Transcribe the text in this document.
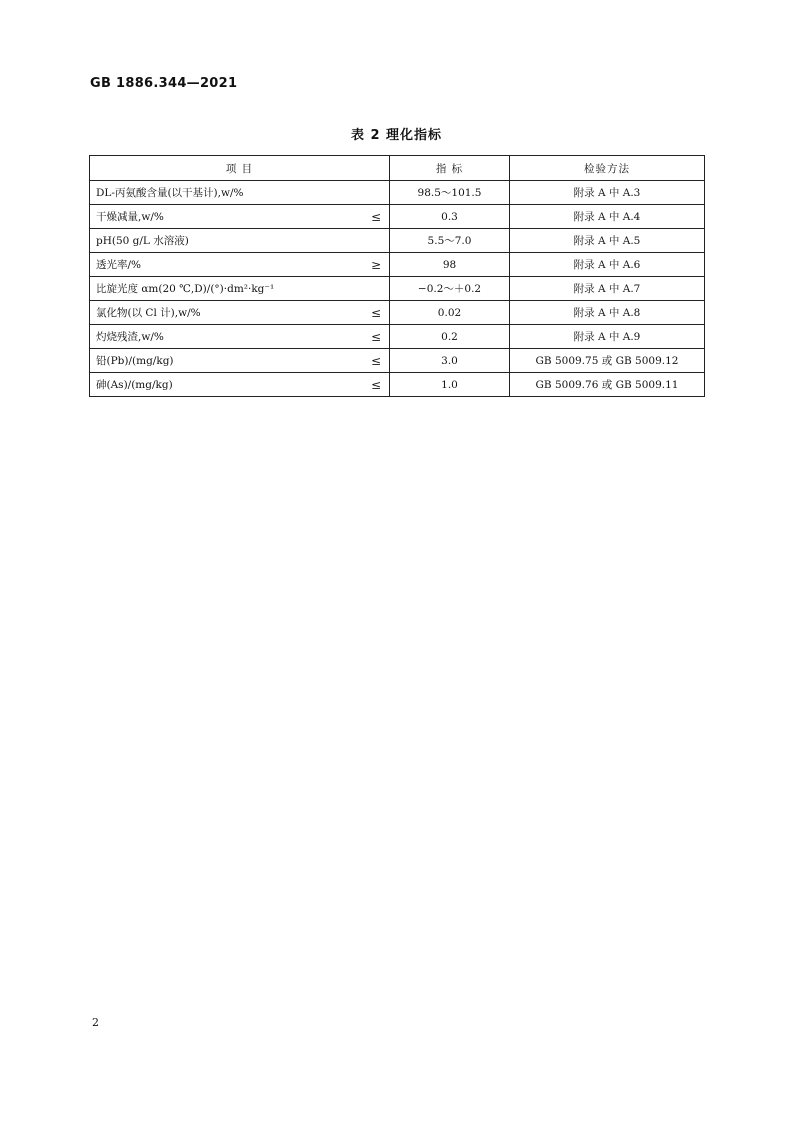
GB 1886.344—2021
表 2 理化指标
项 目	指 标	检验方法

DL-丙氨酸含量(以干基计),w/%	98.5～101.5	附录 A 中 A.3

干燥减量,w/% ≤	0.3	附录 A 中 A.4

pH(50 g/L 水溶液)	5.5～7.0	附录 A 中 A.5

透光率/% ≥	98	附录 A 中 A.6

比旋光度 αm(20 ℃,D)/(°)·dm²·kg⁻¹	−0.2～＋0.2	附录 A 中 A.7

氯化物(以 Cl 计),w/% ≤	0.02	附录 A 中 A.8

灼烧残渣,w/% ≤	0.2	附录 A 中 A.9

铅(Pb)/(mg/kg) ≤	3.0	GB 5009.75 或 GB 5009.12

砷(As)/(mg/kg) ≤	1.0	GB 5009.76 或 GB 5009.11
2
